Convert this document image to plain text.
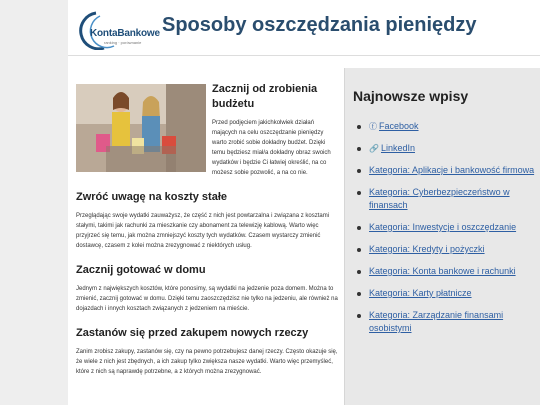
KontaBankowe
ranking · porównanie
Sposoby oszczędzania pieniędzy
Zacznij od zrobienia budżetu

Przed podjęciem jakichkolwiek działań mających na celu oszczędzanie pieniędzy warto zrobić sobie dokładny budżet. Dzięki temu będziesz miał/a dokładny obraz swoich wydatków i będzie Ci łatwiej określić, na co możesz sobie pozwolić, a na co nie.

Zwróć uwagę na koszty stałe

Przeglądając swoje wydatki zauważysz, że część z nich jest powtarzalna i związana z kosztami stałymi, takimi jak rachunki za mieszkanie czy abonament za telewizję kablową. Warto więc przyjrzeć się temu, jak można zmniejszyć koszty tych wydatków. Czasem wystarczy zmienić dostawcę, czasem z kolei można zrezygnować z niektórych usług.

Zacznij gotować w domu

Jednym z największych kosztów, które ponosimy, są wydatki na jedzenie poza domem. Można to zmienić, zacznij gotować w domu. Dzięki temu zaoszczędzisz nie tylko na jedzeniu, ale również na dojazdach i innych kosztach związanych z jedzeniem na mieście.

Zastanów się przed zakupem nowych rzeczy

Zanim zrobisz zakupy, zastanów się, czy na pewno potrzebujesz danej rzeczy. Często okazuje się, że wiele z nich jest zbędnych, a ich zakup tylko zwiększa nasze wydatki. Warto więc przemyśleć, które z nich są naprawdę potrzebne, a z których można zrezygnować.

Najnowsze wpisy
ⓕ Facebook
🔗 LinkedIn
Kategoria: Aplikacje i bankowość firmowa
Kategoria: Cyberbezpieczeństwo w finansach
Kategoria: Inwestycje i oszczędzanie
Kategoria: Kredyty i pożyczki
Kategoria: Konta bankowe i rachunki
Kategoria: Karty płatnicze
Kategoria: Zarządzanie finansami osobistymi
